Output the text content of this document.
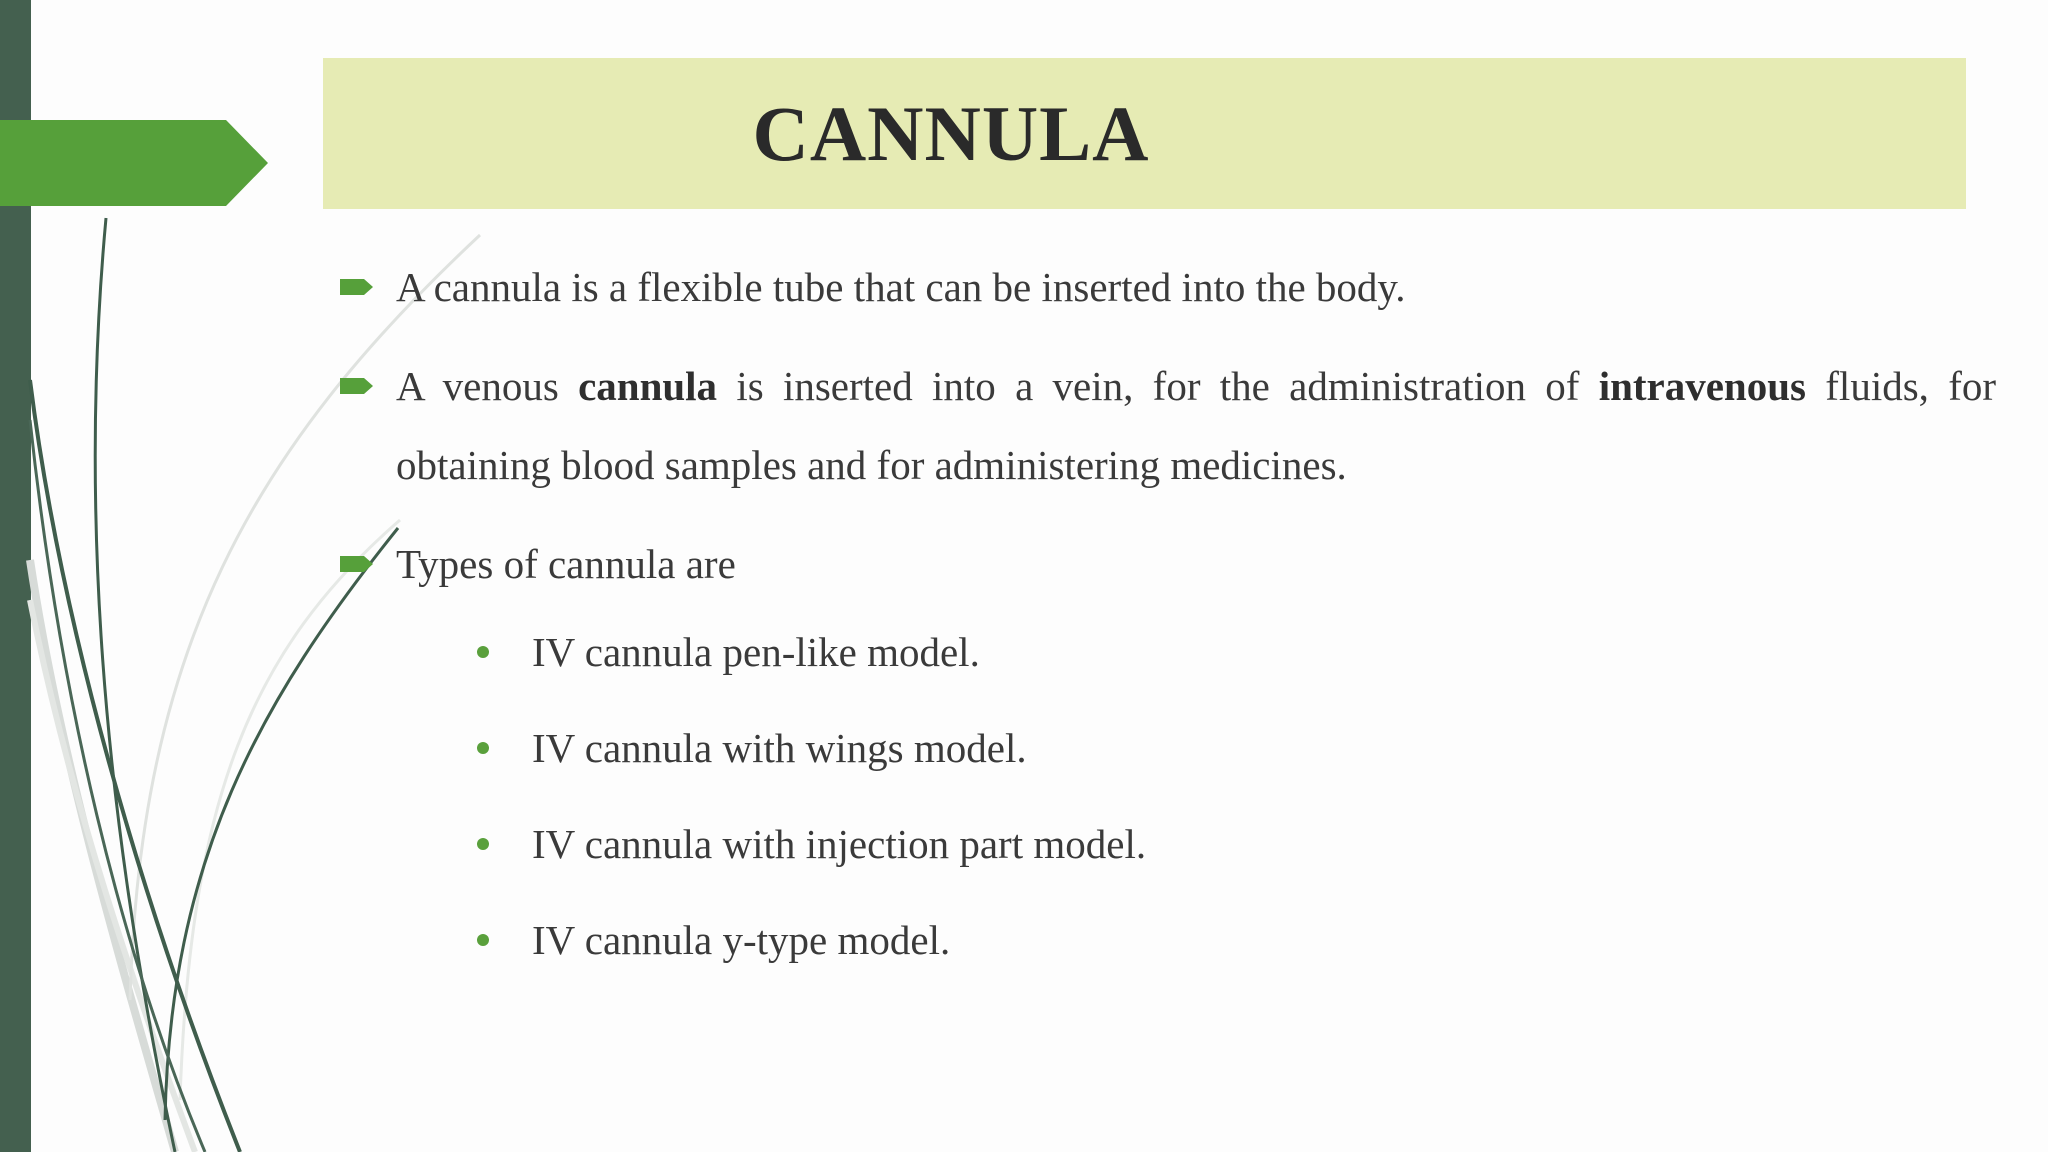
CANNULA
A cannula is a flexible tube that can be inserted into the body.
A venous cannula is inserted into a vein, for the administration of intravenous fluids, for obtaining blood samples and for administering medicines.
Types of cannula are
IV cannula pen-like model.
IV cannula with wings model.
IV cannula with injection part model.
IV cannula y-type model.
